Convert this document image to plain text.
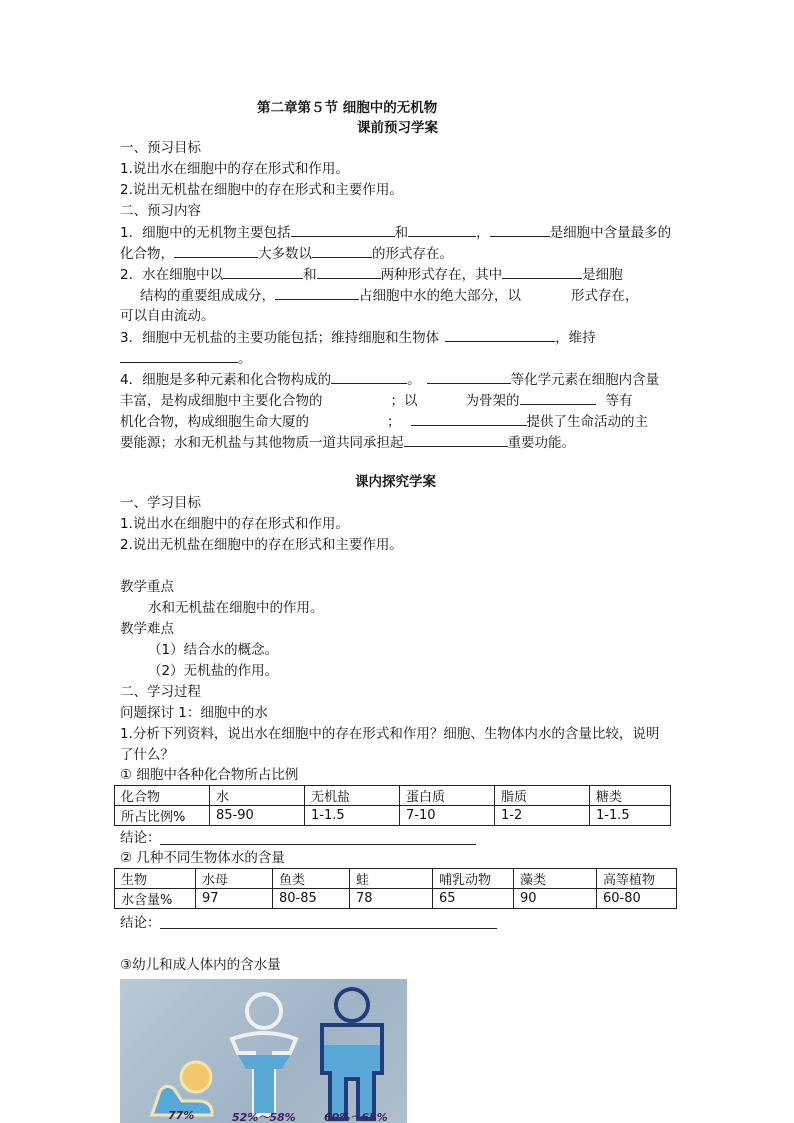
第二章第５节 细胞中的无机物
课前预习学案
一、预习目标
1.说出水在细胞中的存在形式和作用。
2.说出无机盐在细胞中的存在形式和主要作用。
二、预习内容
1．细胞中的无机物主要包括	和	，	是细胞中含量最多的
化合物，	大多数以	的形式存在。
2．水在细胞中以	和	两种形式存在，其中	是细胞
结构的重要组成成分，	占细胞中水的绝大部分，以	形式存在，
可以自由流动。
3．细胞中无机盐的主要功能包括；维持细胞和生物体	，维持
。
4．细胞是多种元素和化合物构成的	。	等化学元素在细胞内含量
丰富，是构成细胞中主要化合物的	；以	为骨架的	等有
机化合物，构成细胞生命大厦的	；	提供了生命活动的主
要能源；水和无机盐与其他物质一道共同承担起	重要功能。
课内探究学案
一、学习目标
1.说出水在细胞中的存在形式和作用。
2.说出无机盐在细胞中的存在形式和主要作用。
教学重点
水和无机盐在细胞中的作用。
教学难点
（1）结合水的概念。
（2）无机盐的作用。
二、学习过程
问题探讨 1：细胞中的水
1.分析下列资料，说出水在细胞中的存在形式和作用？细胞、生物体内水的含量比较，说明
了什么？
① 细胞中各种化合物所占比例
化合物	水	无机盐	蛋白质	脂质	糖类
所占比例%	85-90	1-1.5	7-10	1-2	1-1.5
结论：
② 几种不同生物体水的含量
生物	水母	鱼类	蛙	哺乳动物	藻类	高等植物
水含量%	97	80-85	78	65	90	60-80
结论：
③幼儿和成人体内的含水量
77%	52%～58%	60%～65%
